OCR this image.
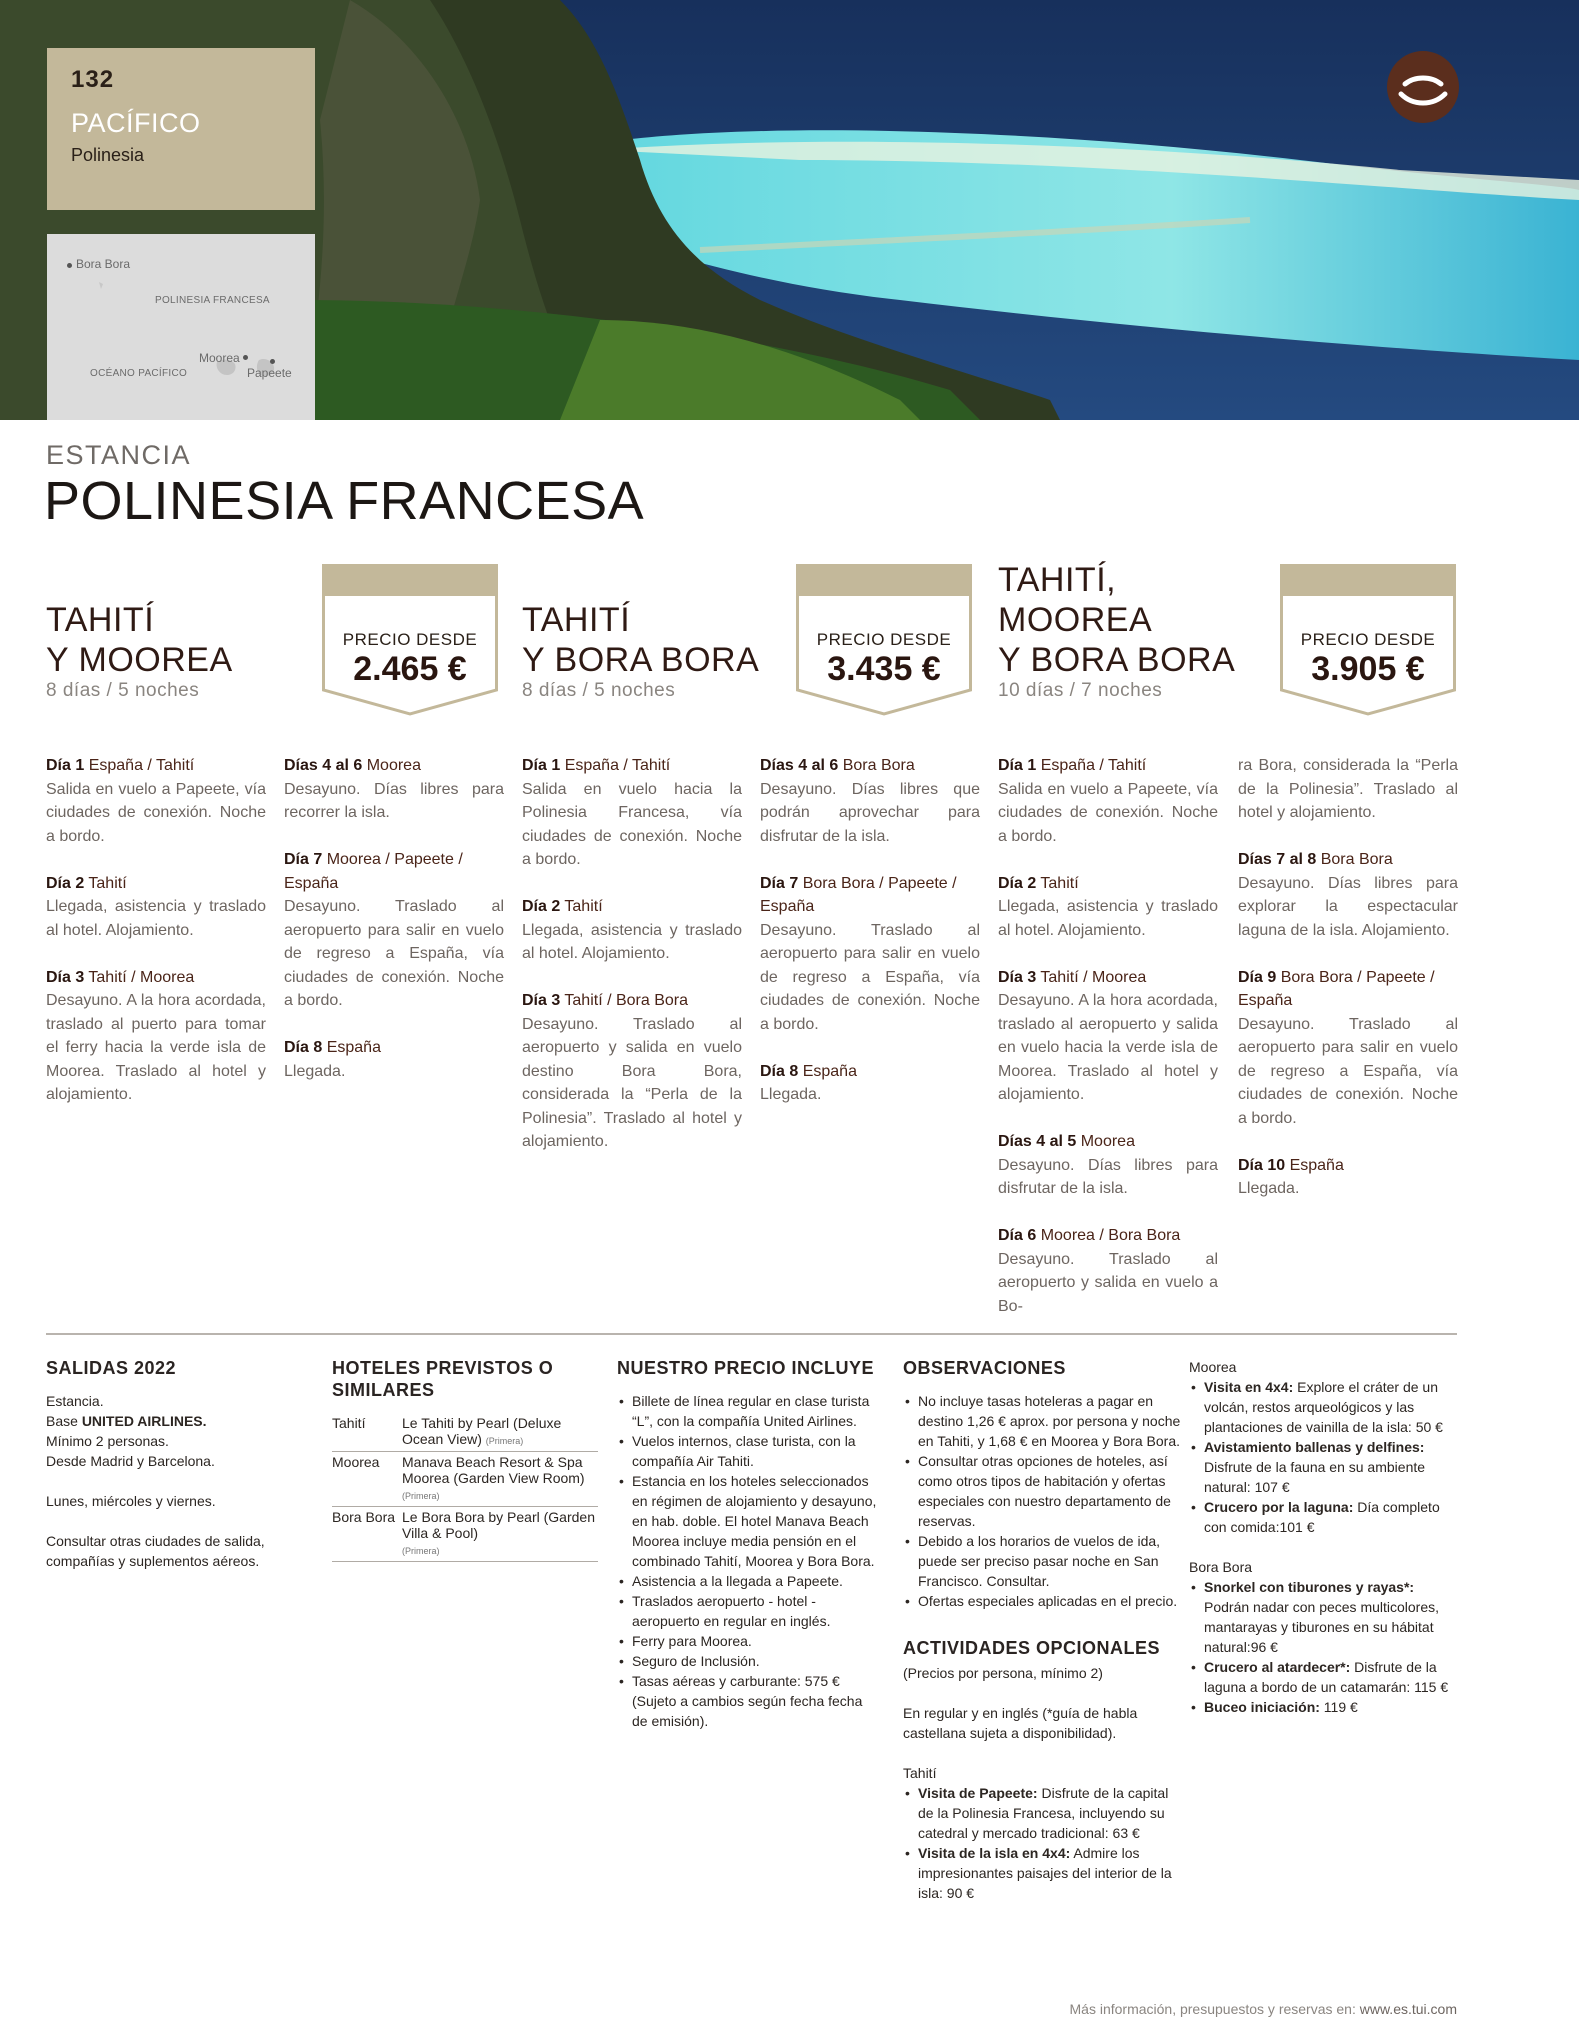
132
PACÍFICO
Polinesia
Bora Bora
POLINESIA FRANCESA
Moorea
OCÉANO PACÍFICO	Papeete
ESTANCIA
POLINESIA FRANCESA
TAHITÍ
Y MOOREA
8 días / 5 noches
PRECIO DESDE
2.465 €
Día 1 España / Tahití
Salida en vuelo a Papeete, vía ciudades de conexión. Noche a bordo.
Día 2 Tahití
Llegada, asistencia y traslado al hotel. Alojamiento.
Día 3 Tahití / Moorea
Desayuno. A la hora acordada, traslado al puerto para tomar el ferry hacia la verde isla de Moorea. Traslado al hotel y alojamiento.
Días 4 al 6 Moorea
Desayuno. Días libres para recorrer la isla.
Día 7 Moorea / Papeete / España
Desayuno. Traslado al aeropuerto para salir en vuelo de regreso a España, vía ciudades de conexión. Noche a bordo.
Día 8 España
Llegada.
TAHITÍ
Y BORA BORA
8 días / 5 noches
PRECIO DESDE
3.435 €
Día 1 España / Tahití
Salida en vuelo hacia la Polinesia Francesa, vía ciudades de conexión. Noche a bordo.
Día 2 Tahití
Llegada, asistencia y traslado al hotel. Alojamiento.
Día 3 Tahití / Bora Bora
Desayuno. Traslado al aeropuerto y salida en vuelo destino Bora Bora, considerada la “Perla de la Polinesia”. Traslado al hotel y alojamiento.
Días 4 al 6 Bora Bora
Desayuno. Días libres que podrán aprovechar para disfrutar de la isla.
Día 7 Bora Bora / Papeete / España
Desayuno. Traslado al aeropuerto para salir en vuelo de regreso a España, vía ciudades de conexión. Noche a bordo.
Día 8 España
Llegada.
TAHITÍ,
MOOREA
Y BORA BORA
10 días / 7 noches
PRECIO DESDE
3.905 €
Día 1 España / Tahití
Salida en vuelo a Papeete, vía ciudades de conexión. Noche a bordo.
Día 2 Tahití
Llegada, asistencia y traslado al hotel. Alojamiento.
Día 3 Tahití / Moorea
Desayuno. A la hora acordada, traslado al aeropuerto y salida en vuelo hacia la verde isla de Moorea. Traslado al hotel y alojamiento.
Días 4 al 5 Moorea
Desayuno. Días libres para disfrutar de la isla.
Día 6 Moorea / Bora Bora
Desayuno. Traslado al aeropuerto y salida en vuelo a Bo-
ra Bora, considerada la “Perla de la Polinesia”. Traslado al hotel y alojamiento.
Días 7 al 8 Bora Bora
Desayuno. Días libres para explorar la espectacular laguna de la isla. Alojamiento.
Día 9 Bora Bora / Papeete / España
Desayuno. Traslado al aeropuerto para salir en vuelo de regreso a España, vía ciudades de conexión. Noche a bordo.
Día 10 España
Llegada.
SALIDAS 2022

Estancia.

Base UNITED AIRLINES.

Mínimo 2 personas.

Desde Madrid y Barcelona.

Lunes, miércoles y viernes.

Consultar otras ciudades de salida, compañías y suplementos aéreos.

HOTELES PREVISTOS O SIMILARES
Tahití	Le Tahiti by Pearl (Deluxe Ocean View) (Primera)
Moorea	Manava Beach Resort & Spa Moorea (Garden View Room)
(Primera)
Bora Bora	Le Bora Bora by Pearl (Garden Villa & Pool)
(Primera)
NUESTRO PRECIO INCLUYE
• Billete de línea regular en clase turista “L”, con la compañía United Airlines.
• Vuelos internos, clase turista, con la compañía Air Tahiti.
• Estancia en los hoteles seleccionados en régimen de alojamiento y desayuno, en hab. doble. El hotel Manava Beach Moorea incluye media pensión en el combinado Tahití, Moorea y Bora Bora.
• Asistencia a la llegada a Papeete.
• Traslados aeropuerto - hotel - aeropuerto en regular en inglés.
• Ferry para Moorea.
• Seguro de Inclusión.
• Tasas aéreas y carburante: 575 € (Sujeto a cambios según fecha fecha de emisión).
OBSERVACIONES
• No incluye tasas hoteleras a pagar en destino 1,26 € aprox. por persona y noche en Tahiti, y 1,68 € en Moorea y Bora Bora.
• Consultar otras opciones de hoteles, así como otros tipos de habitación y ofertas especiales con nuestro departamento de reservas.
• Debido a los horarios de vuelos de ida, puede ser preciso pasar noche en San Francisco. Consultar.
• Ofertas especiales aplicadas en el precio.
ACTIVIDADES OPCIONALES

(Precios por persona, mínimo 2)

En regular y en inglés (*guía de habla castellana sujeta a disponibilidad).

Tahití

• Visita de Papeete: Disfrute de la capital de la Polinesia Francesa, incluyendo su catedral y mercado tradicional: 63 €
• Visita de la isla en 4x4: Admire los impresionantes paisajes del interior de la isla: 90 €

Moorea

• Visita en 4x4: Explore el cráter de un volcán, restos arqueológicos y las plantaciones de vainilla de la isla: 50 €
• Avistamiento ballenas y delfines: Disfrute de la fauna en su ambiente natural: 107 €
• Crucero por la laguna: Día completo con comida:101 €

Bora Bora

• Snorkel con tiburones y rayas*: Podrán nadar con peces multicolores, mantarayas y tiburones en su hábitat natural:96 €
• Crucero al atardecer*: Disfrute de la laguna a bordo de un catamarán: 115 €
• Buceo iniciación: 119 €
Más información, presupuestos y reservas en: www.es.tui.com
